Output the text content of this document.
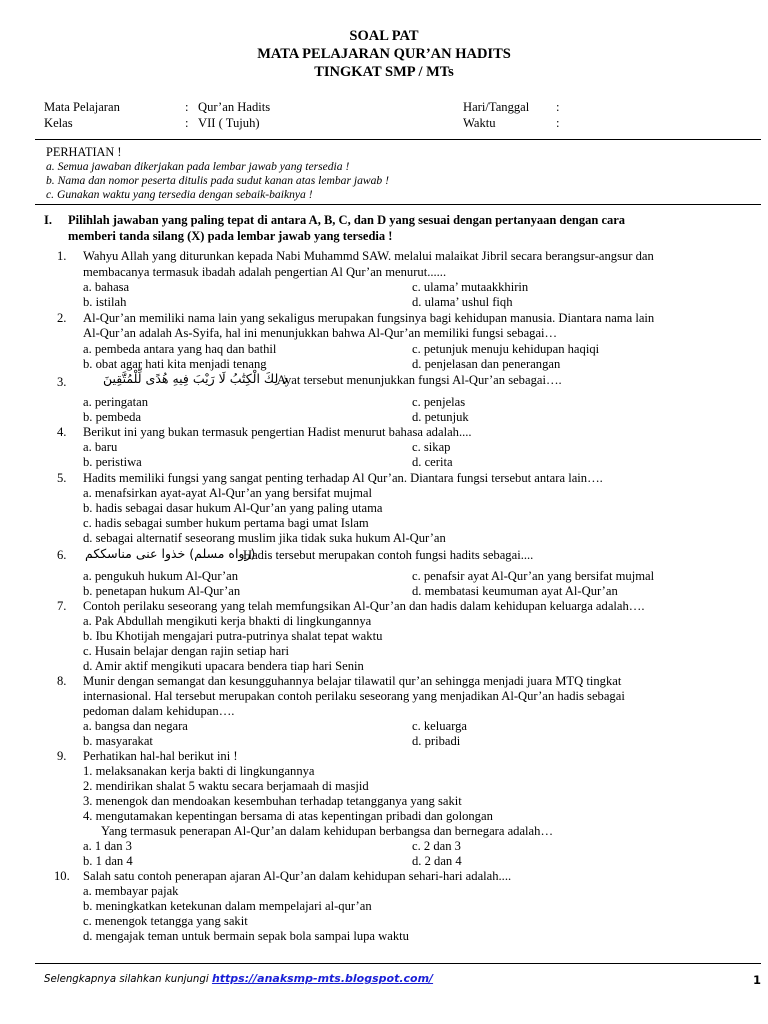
SOAL PAT
MATA PELAJARAN QUR’AN HADITS
TINGKAT SMP / MTs
Mata Pelajaran	: Qur’an Hadits
Kelas	: VII ( Tujuh)
Hari/Tanggal :
Waktu	:
PERHATIAN !
a. Semua jawaban dikerjakan pada lembar jawab yang tersedia !
b. Nama dan nomor peserta ditulis pada sudut kanan atas lembar jawab !
c. Gunakan waktu yang tersedia dengan sebaik-baiknya !
I. Pilihlah jawaban yang paling tepat di antara A, B, C, dan D yang sesuai dengan pertanyaan dengan cara
memberi tanda silang (X) pada lembar jawab yang tersedia !
1. Wahyu Allah yang diturunkan kepada Nabi Muhammd SAW. melalui malaikat Jibril secara berangsur-angsur dan
membacanya termasuk ibadah adalah pengertian Al Qur’an menurut......
a. bahasa
b. istilah
c. ulama’ mutaakkhirin
d. ulama’ ushul fiqh
2. Al-Qur’an memiliki nama lain yang sekaligus merupakan fungsinya bagi kehidupan manusia. Diantara nama lain
Al-Qur’an adalah As-Syifa, hal ini menunjukkan bahwa Al-Qur’an memiliki fungsi sebagai…
a. pembeda antara yang haq dan bathil
b. obat agar hati kita menjadi tenang
c. petunjuk menuju kehidupan haqiqi
d. penjelasan dan penerangan
3.	ذ لِكَ الْكِتَٰبُ لَا رَيْبَ فِيهِ هُدًى لِّلْمُتَّقِينَ
Ayat tersebut menunjukkan fungsi Al-Qur’an sebagai….
a. peringatan
b. pembeda
c. penjelas
d. petunjuk
4. Berikut ini yang bukan termasuk pengertian Hadist menurut bahasa adalah....
a. baru
b. peristiwa
c. sikap
d. cerita
5. Hadits memiliki fungsi yang sangat penting terhadap Al Qur’an. Diantara fungsi tersebut antara lain….
a. menafsirkan ayat-ayat Al-Qur’an yang bersifat mujmal
b. hadis sebagai dasar hukum Al-Qur’an yang paling utama
c. hadis sebagai sumber hukum pertama bagi umat Islam
d. sebagai alternatif seseorang muslim jika tidak suka hukum Al-Qur’an
6. (رواه مسلم) خذوا عنى مناسككم
Hadis tersebut merupakan contoh fungsi hadits sebagai....
a. pengukuh hukum Al-Qur’an
b. penetapan hukum Al-Qur’an
c. penafsir ayat Al-Qur’an yang bersifat mujmal
d. membatasi keumuman ayat Al-Qur’an
7. Contoh perilaku seseorang yang telah memfungsikan Al-Qur’an dan hadis dalam kehidupan keluarga adalah….
a. Pak Abdullah mengikuti kerja bhakti di lingkungannya
b. Ibu Khotijah mengajari putra-putrinya shalat tepat waktu
c. Husain belajar dengan rajin setiap hari
d. Amir aktif mengikuti upacara bendera tiap hari Senin
8. Munir dengan semangat dan kesungguhannya belajar tilawatil qur’an sehingga menjadi juara MTQ tingkat
internasional. Hal tersebut merupakan contoh perilaku seseorang yang menjadikan Al-Qur’an hadis sebagai
pedoman dalam kehidupan….
a. bangsa dan negara
b. masyarakat
c. keluarga
d. pribadi
9. Perhatikan hal-hal berikut ini !
1. melaksanakan kerja bakti di lingkungannya
2. mendirikan shalat 5 waktu secara berjamaah di masjid
3. menengok dan mendoakan kesembuhan terhadap tetangganya yang sakit
4. mengutamakan kepentingan bersama di atas kepentingan pribadi dan golongan
Yang termasuk penerapan Al-Qur’an dalam kehidupan berbangsa dan bernegara adalah…
a. 1 dan 3
b. 1 dan 4
c. 2 dan 3
d. 2 dan 4
10. Salah satu contoh penerapan ajaran Al-Qur’an dalam kehidupan sehari-hari adalah....
a. membayar pajak
b. meningkatkan ketekunan dalam mempelajari al-qur’an
c. menengok tetangga yang sakit
d. mengajak teman untuk bermain sepak bola sampai lupa waktu
Selengkapnya silahkan kunjungi https://anaksmp-mts.blogspot.com/	1
